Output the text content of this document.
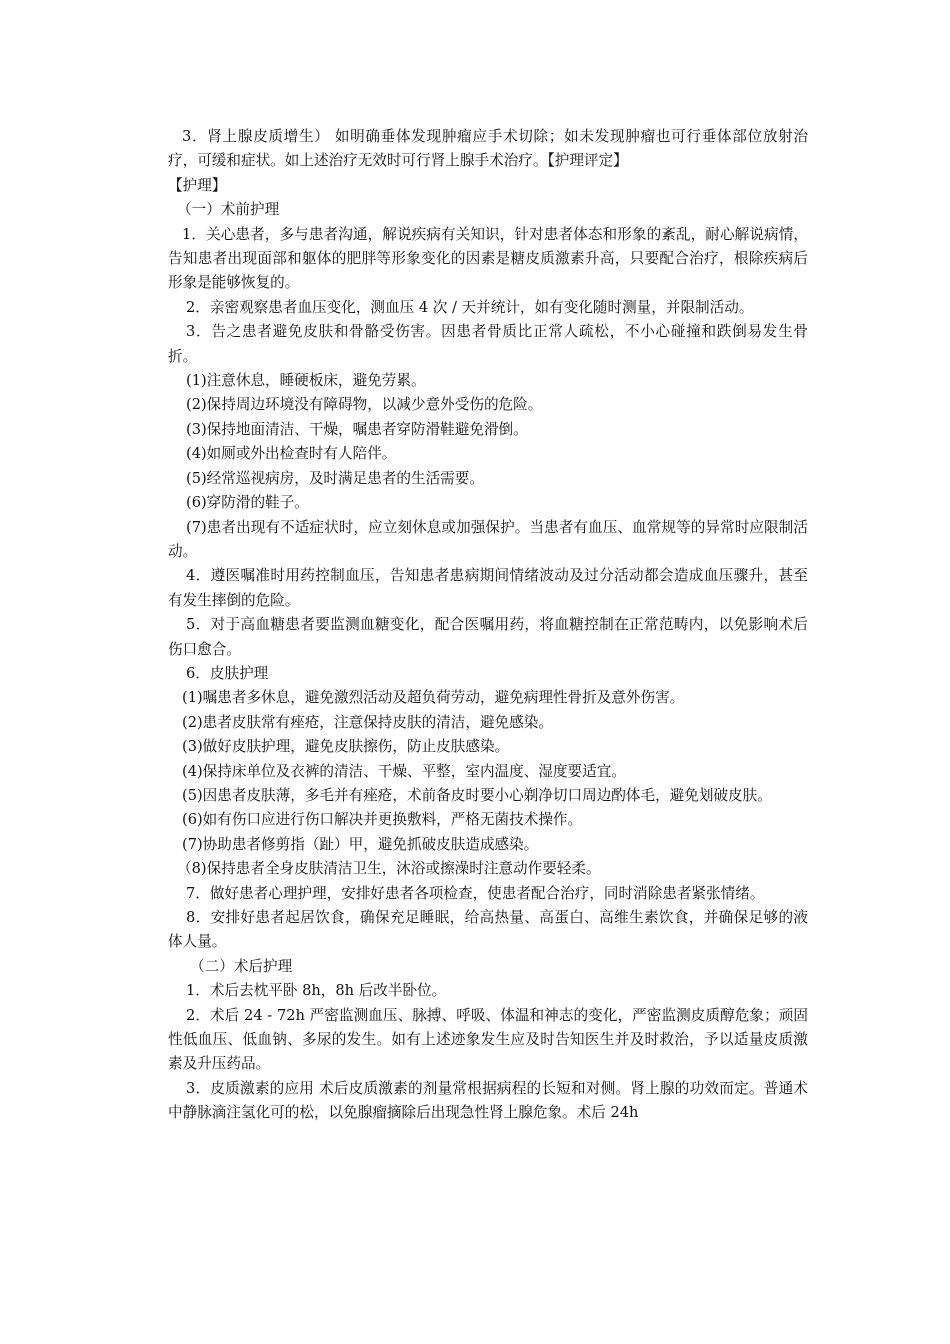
3．肾上腺皮质增生） 如明确垂体发现肿瘤应手术切除；如未发现肿瘤也可行垂体部位放射治疗，可缓和症状。如上述治疗无效时可行肾上腺手术治疗。【护理评定】

【护理】

（一）术前护理

1．关心患者，多与患者沟通，解说疾病有关知识，针对患者体态和形象的紊乱，耐心解说病情，告知患者出现面部和躯体的肥胖等形象变化的因素是糖皮质激素升高，只要配合治疗，根除疾病后形象是能够恢复的。

2．亲密观察患者血压变化，测血压 4 次 / 天并统计，如有变化随时测量，并限制活动。

3．告之患者避免皮肤和骨骼受伤害。因患者骨质比正常人疏松，不小心碰撞和跌倒易发生骨折。

(1)注意休息，睡硬板床，避免劳累。

(2)保持周边环境没有障碍物，以减少意外受伤的危险。

(3)保持地面清洁、干燥，嘱患者穿防滑鞋避免滑倒。

(4)如厕或外出检查时有人陪伴。

(5)经常巡视病房，及时满足患者的生活需要。

(6)穿防滑的鞋子。

(7)患者出现有不适症状时，应立刻休息或加强保护。当患者有血压、血常规等的异常时应限制活动。

4．遵医嘱准时用药控制血压，告知患者患病期间情绪波动及过分活动都会造成血压骤升，甚至有发生摔倒的危险。

5．对于高血糖患者要监测血糖变化，配合医嘱用药，将血糖控制在正常范畴内，以免影响术后伤口愈合。

6．皮肤护理

(1)嘱患者多休息，避免激烈活动及超负荷劳动，避免病理性骨折及意外伤害。

(2)患者皮肤常有痤疮，注意保持皮肤的清洁，避免感染。

(3)做好皮肤护理，避免皮肤擦伤，防止皮肤感染。

(4)保持床单位及衣裤的清洁、干燥、平整，室内温度、湿度要适宜。

(5)因患者皮肤薄，多毛并有痤疮，术前备皮时要小心剃净切口周边酌体毛，避免划破皮肤。

(6)如有伤口应进行伤口解决并更换敷料，严格无菌技术操作。

(7)协助患者修剪指（趾）甲，避免抓破皮肤造成感染。

（8)保持患者全身皮肤清洁卫生，沐浴或擦澡时注意动作要轻柔。

7．做好患者心理护理，安排好患者各项检查，使患者配合治疗，同时消除患者紧张情绪。

8．安排好患者起居饮食，确保充足睡眠，给高热量、高蛋白、高维生素饮食，并确保足够的液体人量。

（二）术后护理

1．术后去枕平卧 8h，8h 后改半卧位。

2．术后 24 - 72h 严密监测血压、脉搏、呼吸、体温和神志的变化，严密监测皮质醇危象；顽固性低血压、低血钠、多尿的发生。如有上述迹象发生应及时告知医生并及时救治，予以适量皮质激素及升压药品。

3．皮质激素的应用 术后皮质激素的剂量常根据病程的长短和对侧。肾上腺的功效而定。普通术中静脉滴注氢化可的松，以免腺瘤摘除后出现急性肾上腺危象。术后 24h
